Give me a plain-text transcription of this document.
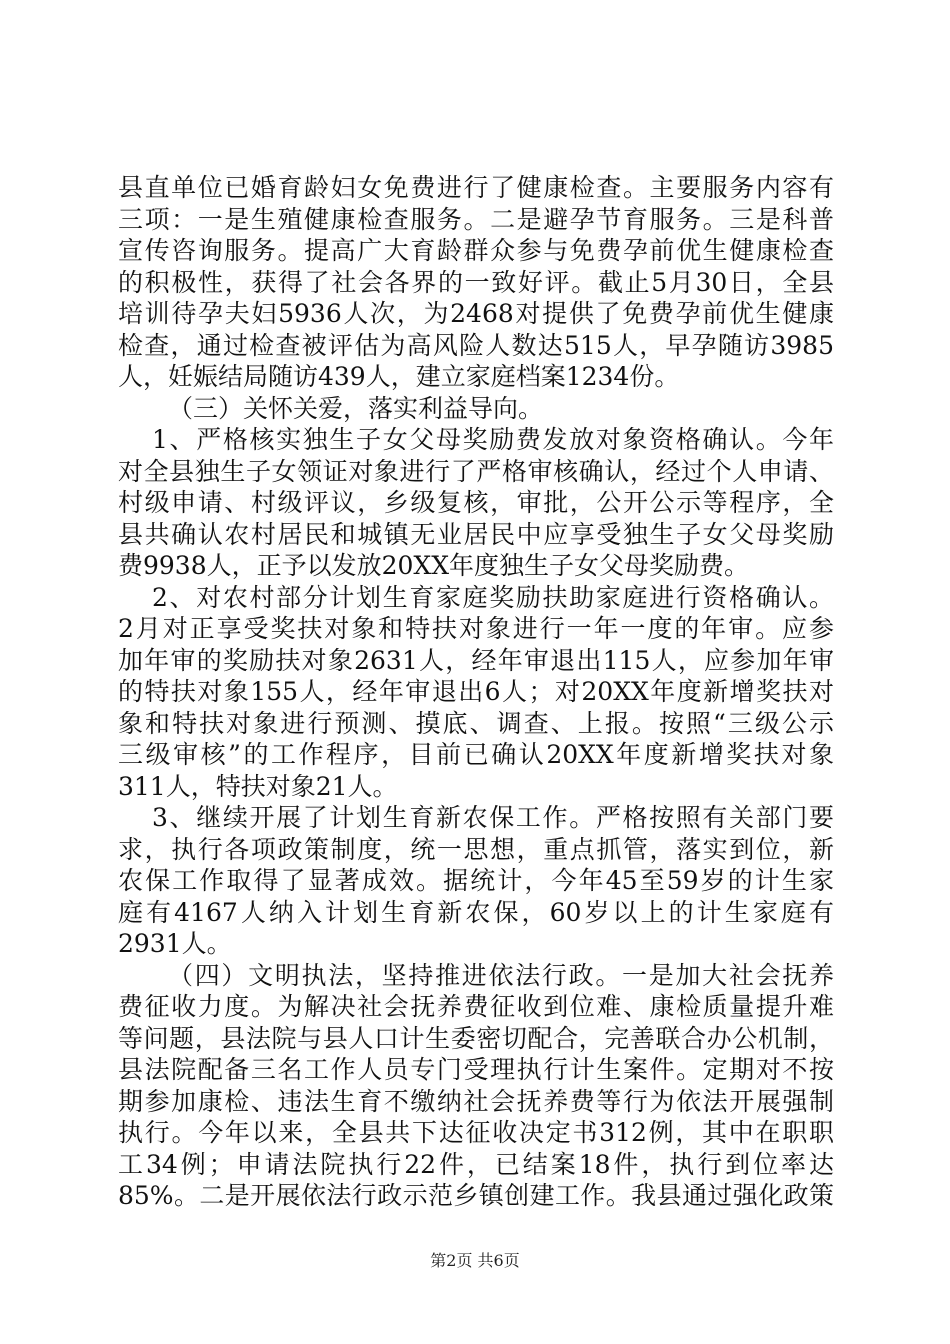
县直单位已婚育龄妇女免费进行了健康检查。主要服务内容有
三项：一是生殖健康检查服务。二是避孕节育服务。三是科普
宣传咨询服务。提高广大育龄群众参与免费孕前优生健康检查
的积极性，获得了社会各界的一致好评。截止5月30日，全县
培训待孕夫妇5936人次，为2468对提供了免费孕前优生健康
检查，通过检查被评估为高风险人数达515人，早孕随访3985
人，妊娠结局随访439人，建立家庭档案1234份。
（三）关怀关爱，落实利益导向。
1、严格核实独生子女父母奖励费发放对象资格确认。今年
对全县独生子女领证对象进行了严格审核确认，经过个人申请、
村级申请、村级评议，乡级复核，审批，公开公示等程序，全
县共确认农村居民和城镇无业居民中应享受独生子女父母奖励
费9938人，正予以发放20XX年度独生子女父母奖励费。
2、对农村部分计划生育家庭奖励扶助家庭进行资格确认。
2月对正享受奖扶对象和特扶对象进行一年一度的年审。应参
加年审的奖励扶对象2631人，经年审退出115人，应参加年审
的特扶对象155人，经年审退出6人；对20XX年度新增奖扶对
象和特扶对象进行预测、摸底、调查、上报。按照“三级公示
三级审核”的工作程序，目前已确认20XX年度新增奖扶对象
311人，特扶对象21人。
3、继续开展了计划生育新农保工作。严格按照有关部门要
求，执行各项政策制度，统一思想，重点抓管，落实到位，新
农保工作取得了显著成效。据统计，今年45至59岁的计生家
庭有4167人纳入计划生育新农保，60岁以上的计生家庭有
2931人。
（四）文明执法，坚持推进依法行政。一是加大社会抚养
费征收力度。为解决社会抚养费征收到位难、康检质量提升难
等问题，县法院与县人口计生委密切配合，完善联合办公机制，
县法院配备三名工作人员专门受理执行计生案件。定期对不按
期参加康检、违法生育不缴纳社会抚养费等行为依法开展强制
执行。今年以来，全县共下达征收决定书312例，其中在职职
工34例；申请法院执行22件，已结案18件，执行到位率达
85%。二是开展依法行政示范乡镇创建工作。我县通过强化政策
第2页 共6页
